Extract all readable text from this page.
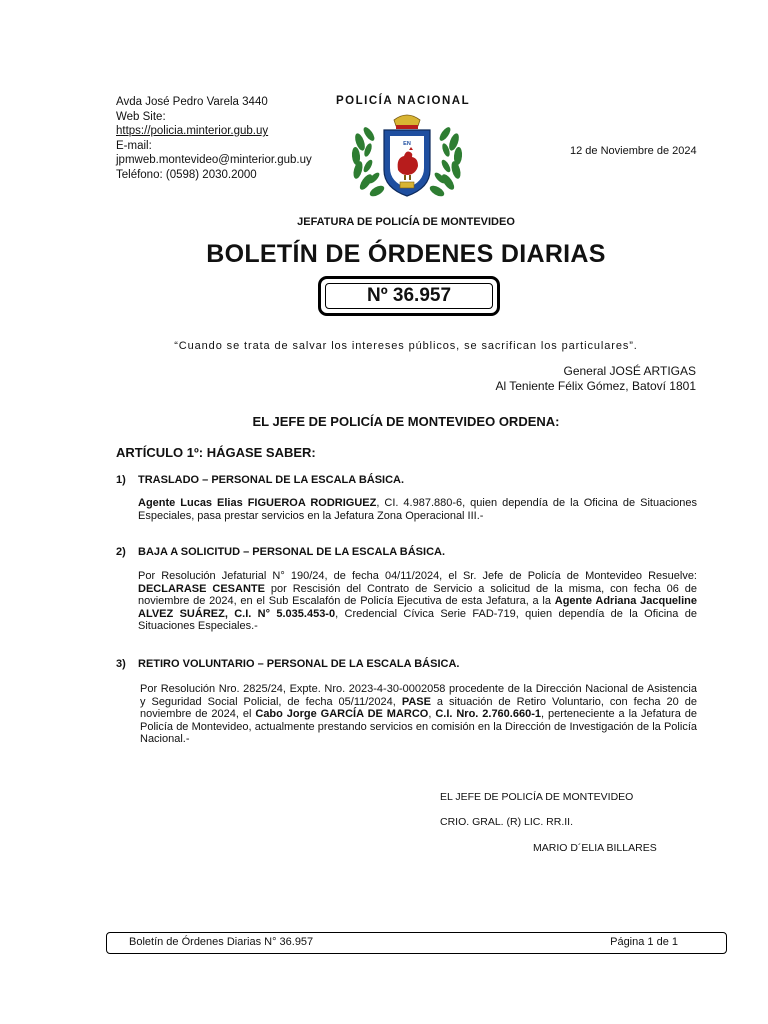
Avda José Pedro Varela 3440
Web Site:
https://policia.minterior.gub.uy
E-mail:
jpmweb.montevideo@minterior.gub.uy
Teléfono: (0598) 2030.2000
POLICÍA NACIONAL
EN
12 de Noviembre de 2024
JEFATURA DE POLICÍA DE MONTEVIDEO
BOLETÍN DE ÓRDENES DIARIAS
Nº 36.957
“Cuando se trata de salvar los intereses públicos, se sacrifican los particulares”.
General JOSÉ ARTIGAS
Al Teniente Félix Gómez, Batoví 1801
EL JEFE DE POLICÍA DE MONTEVIDEO ORDENA:
ARTÍCULO 1º: HÁGASE SABER:
1) TRASLADO – PERSONAL DE LA ESCALA BÁSICA.
Agente Lucas Elias FIGUEROA RODRIGUEZ, CI. 4.987.880-6, quien dependía de la Oficina de Situaciones Especiales, pasa prestar servicios en la Jefatura Zona Operacional III.-
2) BAJA A SOLICITUD – PERSONAL DE LA ESCALA BÁSICA.
Por Resolución Jefaturial N° 190/24, de fecha 04/11/2024, el Sr. Jefe de Policía de Montevideo Resuelve: DECLARASE CESANTE por Rescisión del Contrato de Servicio a solicitud de la misma, con fecha 06 de noviembre de 2024, en el Sub Escalafón de Policía Ejecutiva de esta Jefatura, a la Agente Adriana Jacqueline ALVEZ SUÁREZ, C.I. N° 5.035.453-0, Credencial Cívica Serie FAD-719, quien dependía de la Oficina de Situaciones Especiales.-
3) RETIRO VOLUNTARIO – PERSONAL DE LA ESCALA BÁSICA.
Por Resolución Nro. 2825/24, Expte. Nro. 2023-4-30-0002058 procedente de la Dirección Nacional de Asistencia y Seguridad Social Policial, de fecha 05/11/2024, PASE a situación de Retiro Voluntario, con fecha 20 de noviembre de 2024, el Cabo Jorge GARCÍA DE MARCO, C.I. Nro. 2.760.660-1, perteneciente a la Jefatura de Policía de Montevideo, actualmente prestando servicios en comisión en la Dirección de Investigación de la Policía Nacional.-
EL JEFE DE POLICÍA DE MONTEVIDEO
CRIO. GRAL. (R) LIC. RR.II.
MARIO D´ELIA BILLARES
Boletín de Órdenes Diarias N° 36.957	Página 1 de 1
